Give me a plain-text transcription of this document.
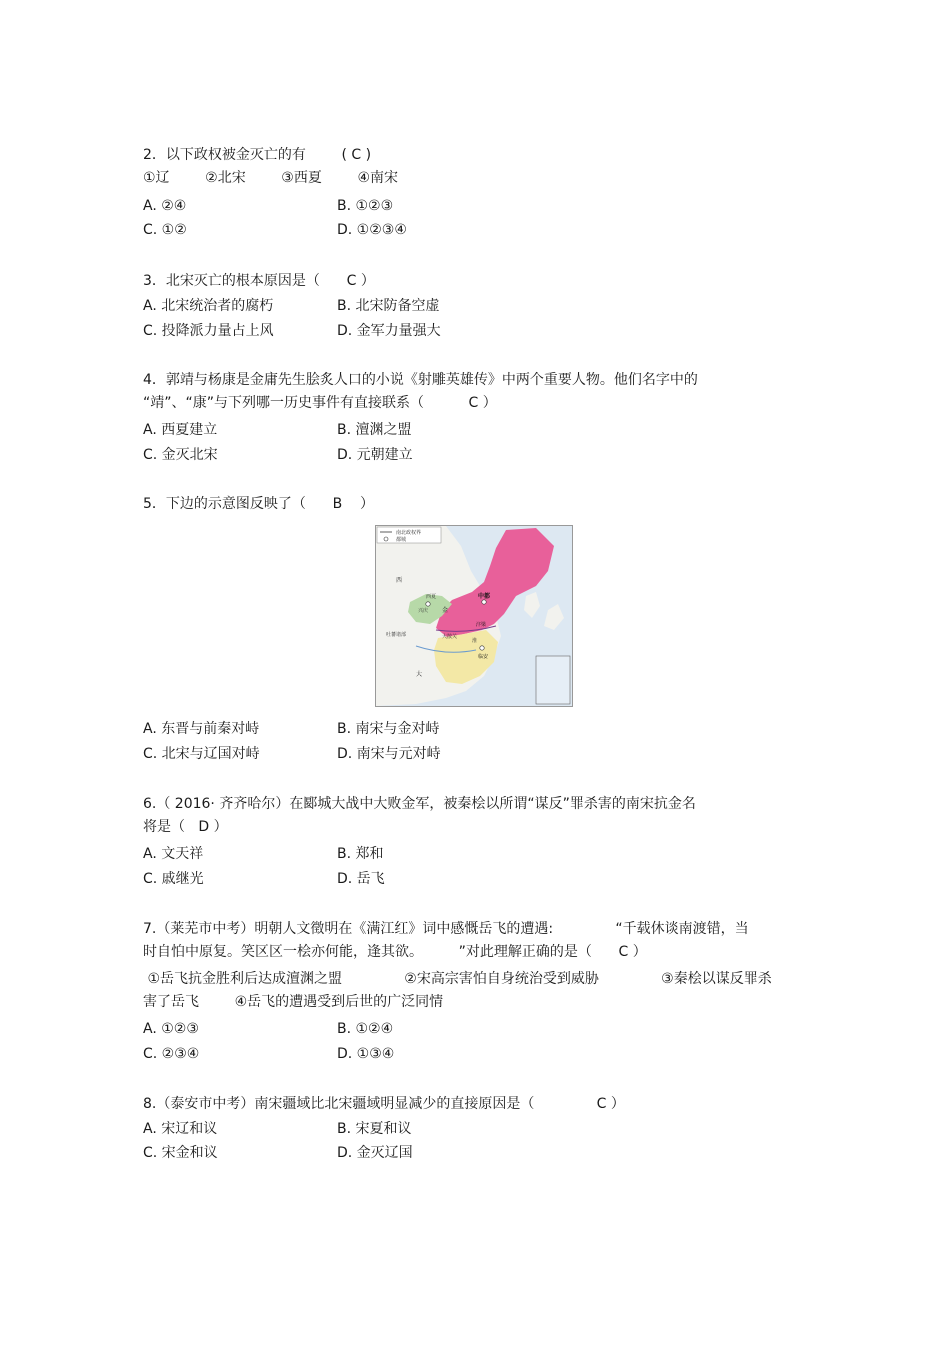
2．以下政权被金灭亡的有        ( C )
①辽        ②北宋        ③西夏        ④南宋
A. ②④	B. ①②③
C. ①②	D. ①②③④
3．北宋灭亡的根本原因是（      C ）
A. 北宋统治者的腐朽	B. 北宋防备空虚
C. 投降派力量占上风	D. 金军力量强大
4．郭靖与杨康是金庸先生脍炙人口的小说《射雕英雄传》中两个重要人物。他们名字中的
“靖”、“康”与下列哪一历史事件有直接联系（          C ）
A. 西夏建立	B. 澶渊之盟
C. 金灭北宋	D. 元朝建立
5．下边的示意图反映了（      B    ）
南北政权界
都城
西
西夏
兴庆
中都
金
汴梁
临安
吐蕃诸部	大散关
淮
大
A. 东晋与前秦对峙	B. 南宋与金对峙
C. 北宋与辽国对峙	D. 南宋与元对峙
6.（ 2016· 齐齐哈尔）在郾城大战中大败金军，被秦桧以所谓“谋反”罪杀害的南宋抗金名
将是（   D ）
A. 文天祥	B. 郑和
C. 戚继光	D. 岳飞
7.（莱芜市中考）明朝人文徵明在《满江红》词中感慨岳飞的遭遇:              “千载休谈南渡错，当
时自怕中原复。笑区区一桧亦何能，逢其欲。        ”对此理解正确的是（      C ）
①岳飞抗金胜利后达成澶渊之盟              ②宋高宗害怕自身统治受到威胁              ③秦桧以谋反罪杀
害了岳飞        ④岳飞的遭遇受到后世的广泛同情
A. ①②③	B. ①②④
C. ②③④	D. ①③④
8.（泰安市中考）南宋疆域比北宋疆域明显减少的直接原因是（              C ）
A. 宋辽和议	B. 宋夏和议
C. 宋金和议	D. 金灭辽国
